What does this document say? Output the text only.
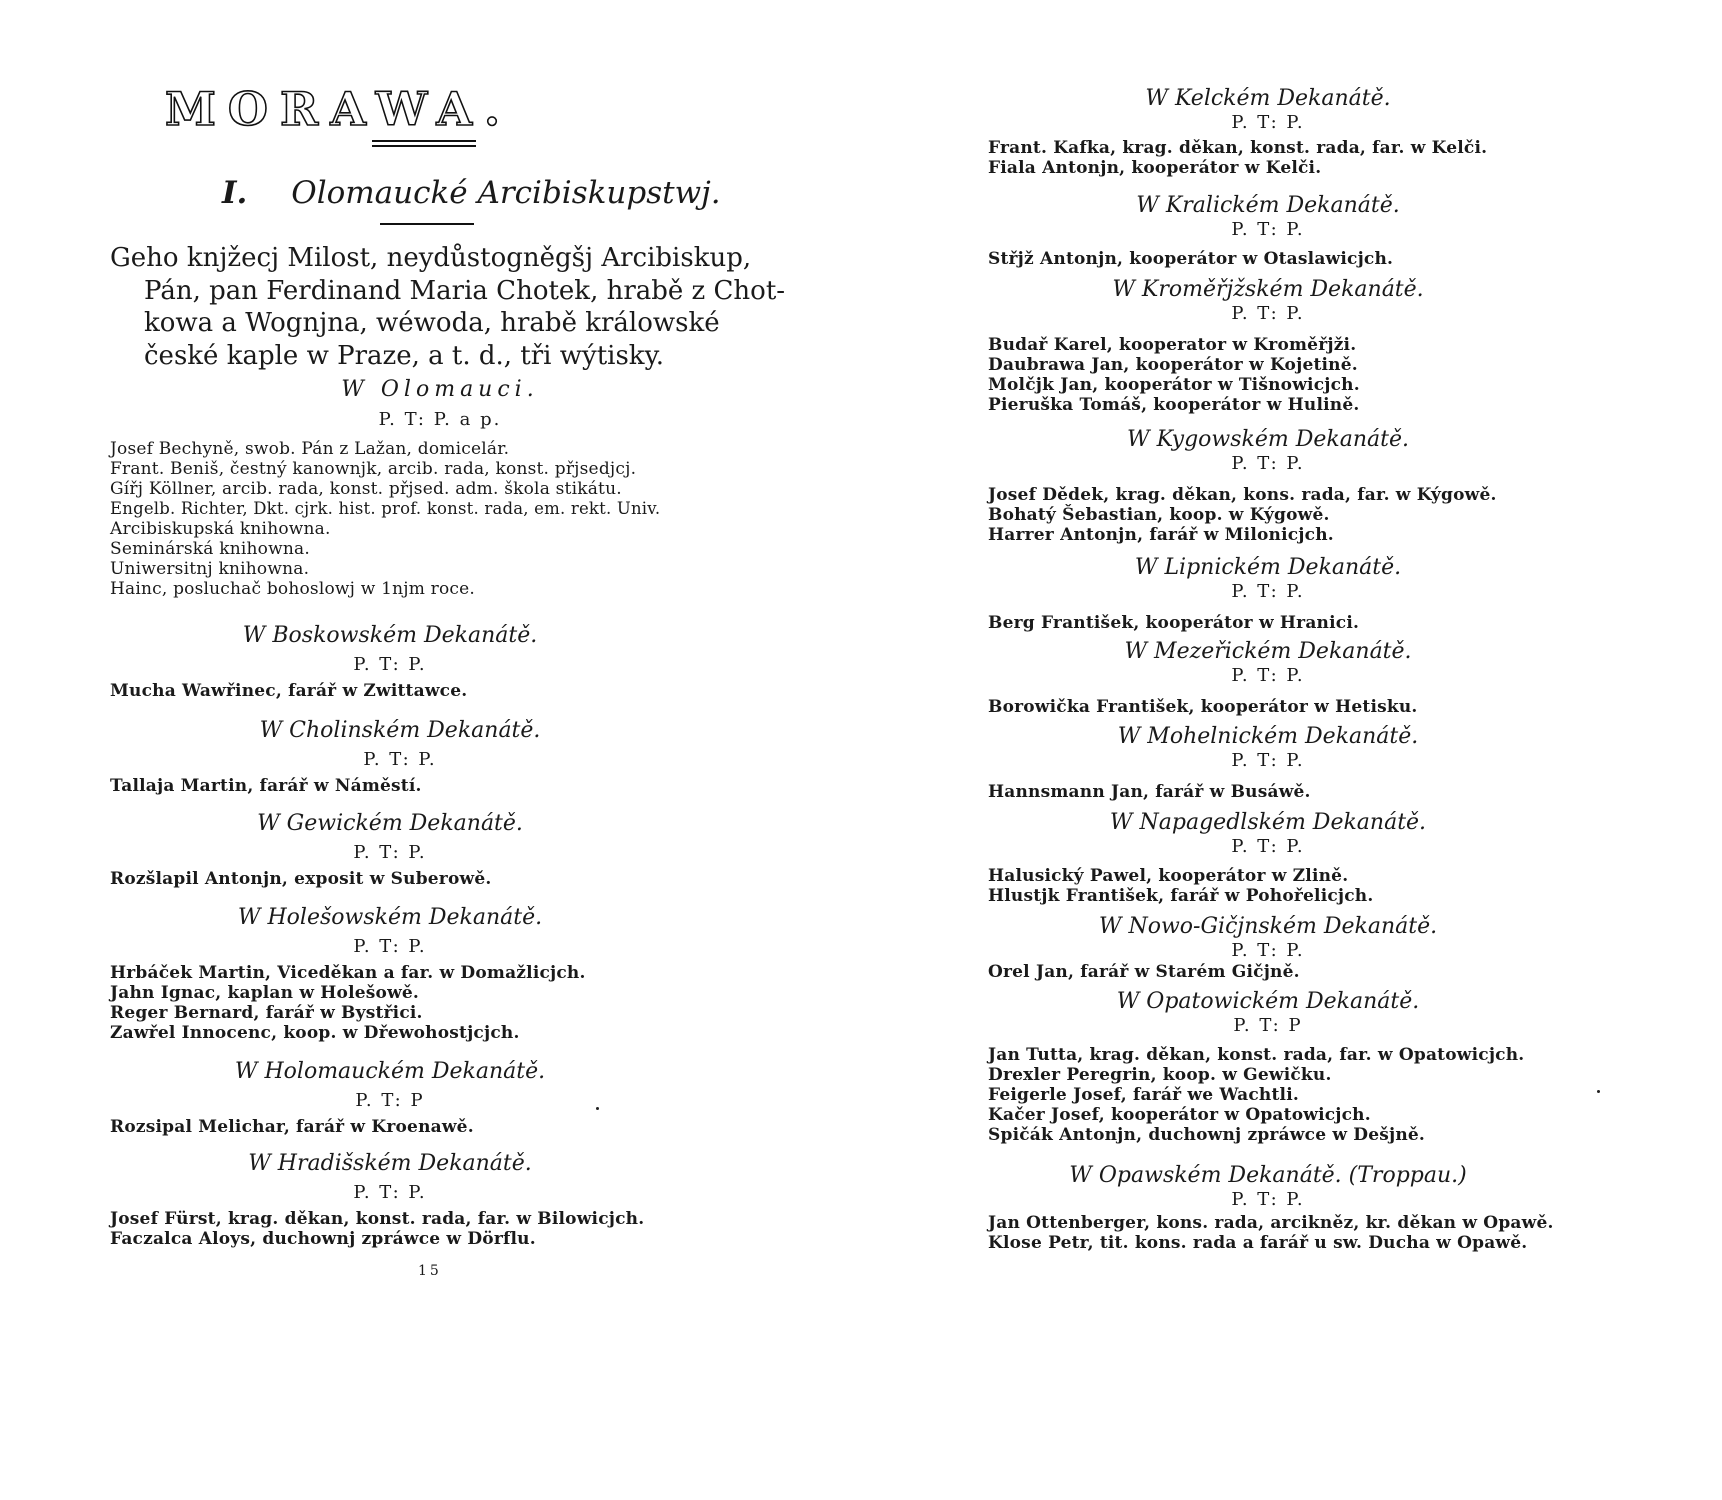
MORAWA.
I. Olomaucké Arcibiskupstwj.

Geho knjžecj Milost, neydůstogněgšj Arcibiskup,
Pán, pan Ferdinand Maria Chotek, hrabě z Chot-
kowa a Wognjna, wéwoda, hrabě králowské
české kaple w Praze, a t. d., tři wýtisky.

W Olomauci.

P. T: P. a p.

Josef Bechyně, swob. Pán z Lažan, domicelár.

Frant. Beniš, čestný kanownjk, arcib. rada, konst. přjsedjcj.

Gířj Köllner, arcib. rada, konst. přjsed. adm. škola stikátu.

Engelb. Richter, Dkt. cjrk. hist. prof. konst. rada, em. rekt. Univ.

Arcibiskupská knihowna.

Seminárská knihowna.

Uniwersitnj knihowna.

Hainc, posluchač bohoslowj w 1njm roce.

W Boskowském Dekanátě.

P. T: P.

Mucha Wawřinec, farář w Zwittawce.

W Cholinském Dekanátě.

P. T: P.

Tallaja Martin, farář w Náměstí.

W Gewickém Dekanátě.

P. T: P.

Rozšlapil Antonjn, exposit w Suberowě.

W Holešowském Dekanátě.

P. T: P.

Hrbáček Martin, Viceděkan a far. w Domažlicjch.

Jahn Ignac, kaplan w Holešowě.

Reger Bernard, farář w Bystřici.

Zawřel Innocenc, koop. w Dřewohostjcjch.

W Holomauckém Dekanátě.

P. T: P

Rozsipal Melichar, farář w Kroenawě.

W Hradišském Dekanátě.

P. T: P.

Josef Fürst, krag. děkan, konst. rada, far. w Bilowicjch.

Faczalca Aloys, duchownj zpráwce w Dörflu.

15

W Kelckém Dekanátě.

P. T: P.

Frant. Kafka, krag. děkan, konst. rada, far. w Kelči.

Fiala Antonjn, kooperátor w Kelči.

W Kralickém Dekanátě.

P. T: P.

Střjž Antonjn, kooperátor w Otaslawicjch.

W Kroměřjžském Dekanátě.

P. T: P.

Budař Karel, kooperator w Kroměřjži.

Daubrawa Jan, kooperátor w Kojetině.

Molčjk Jan, kooperátor w Tišnowicjch.

Pieruška Tomáš, kooperátor w Hulině.

W Kygowském Dekanátě.

P. T: P.

Josef Dědek, krag. děkan, kons. rada, far. w Kýgowě.

Bohatý Šebastian, koop. w Kýgowě.

Harrer Antonjn, farář w Milonicjch.

W Lipnickém Dekanátě.

P. T: P.

Berg František, kooperátor w Hranici.

W Mezeřickém Dekanátě.

P. T: P.

Borowička František, kooperátor w Hetisku.

W Mohelnickém Dekanátě.

P. T: P.

Hannsmann Jan, farář w Busáwě.

W Napagedlském Dekanátě.

P. T: P.

Halusický Pawel, kooperátor w Zlině.

Hlustjk František, farář w Pohořelicjch.

W Nowo-Gičjnském Dekanátě.

P. T: P.

Orel Jan, farář w Starém Gičjně.

W Opatowickém Dekanátě.

P. T: P

Jan Tutta, krag. děkan, konst. rada, far. w Opatowicjch.

Drexler Peregrin, koop. w Gewičku.

Feigerle Josef, farář we Wachtli.

Kačer Josef, kooperátor w Opatowicjch.

Spičák Antonjn, duchownj zpráwce w Dešjně.

W Opawském Dekanátě. (Troppau.)

P. T: P.

Jan Ottenberger, kons. rada, arcikněz, kr. děkan w Opawě.

Klose Petr, tit. kons. rada a farář u sw. Ducha w Opawě.
